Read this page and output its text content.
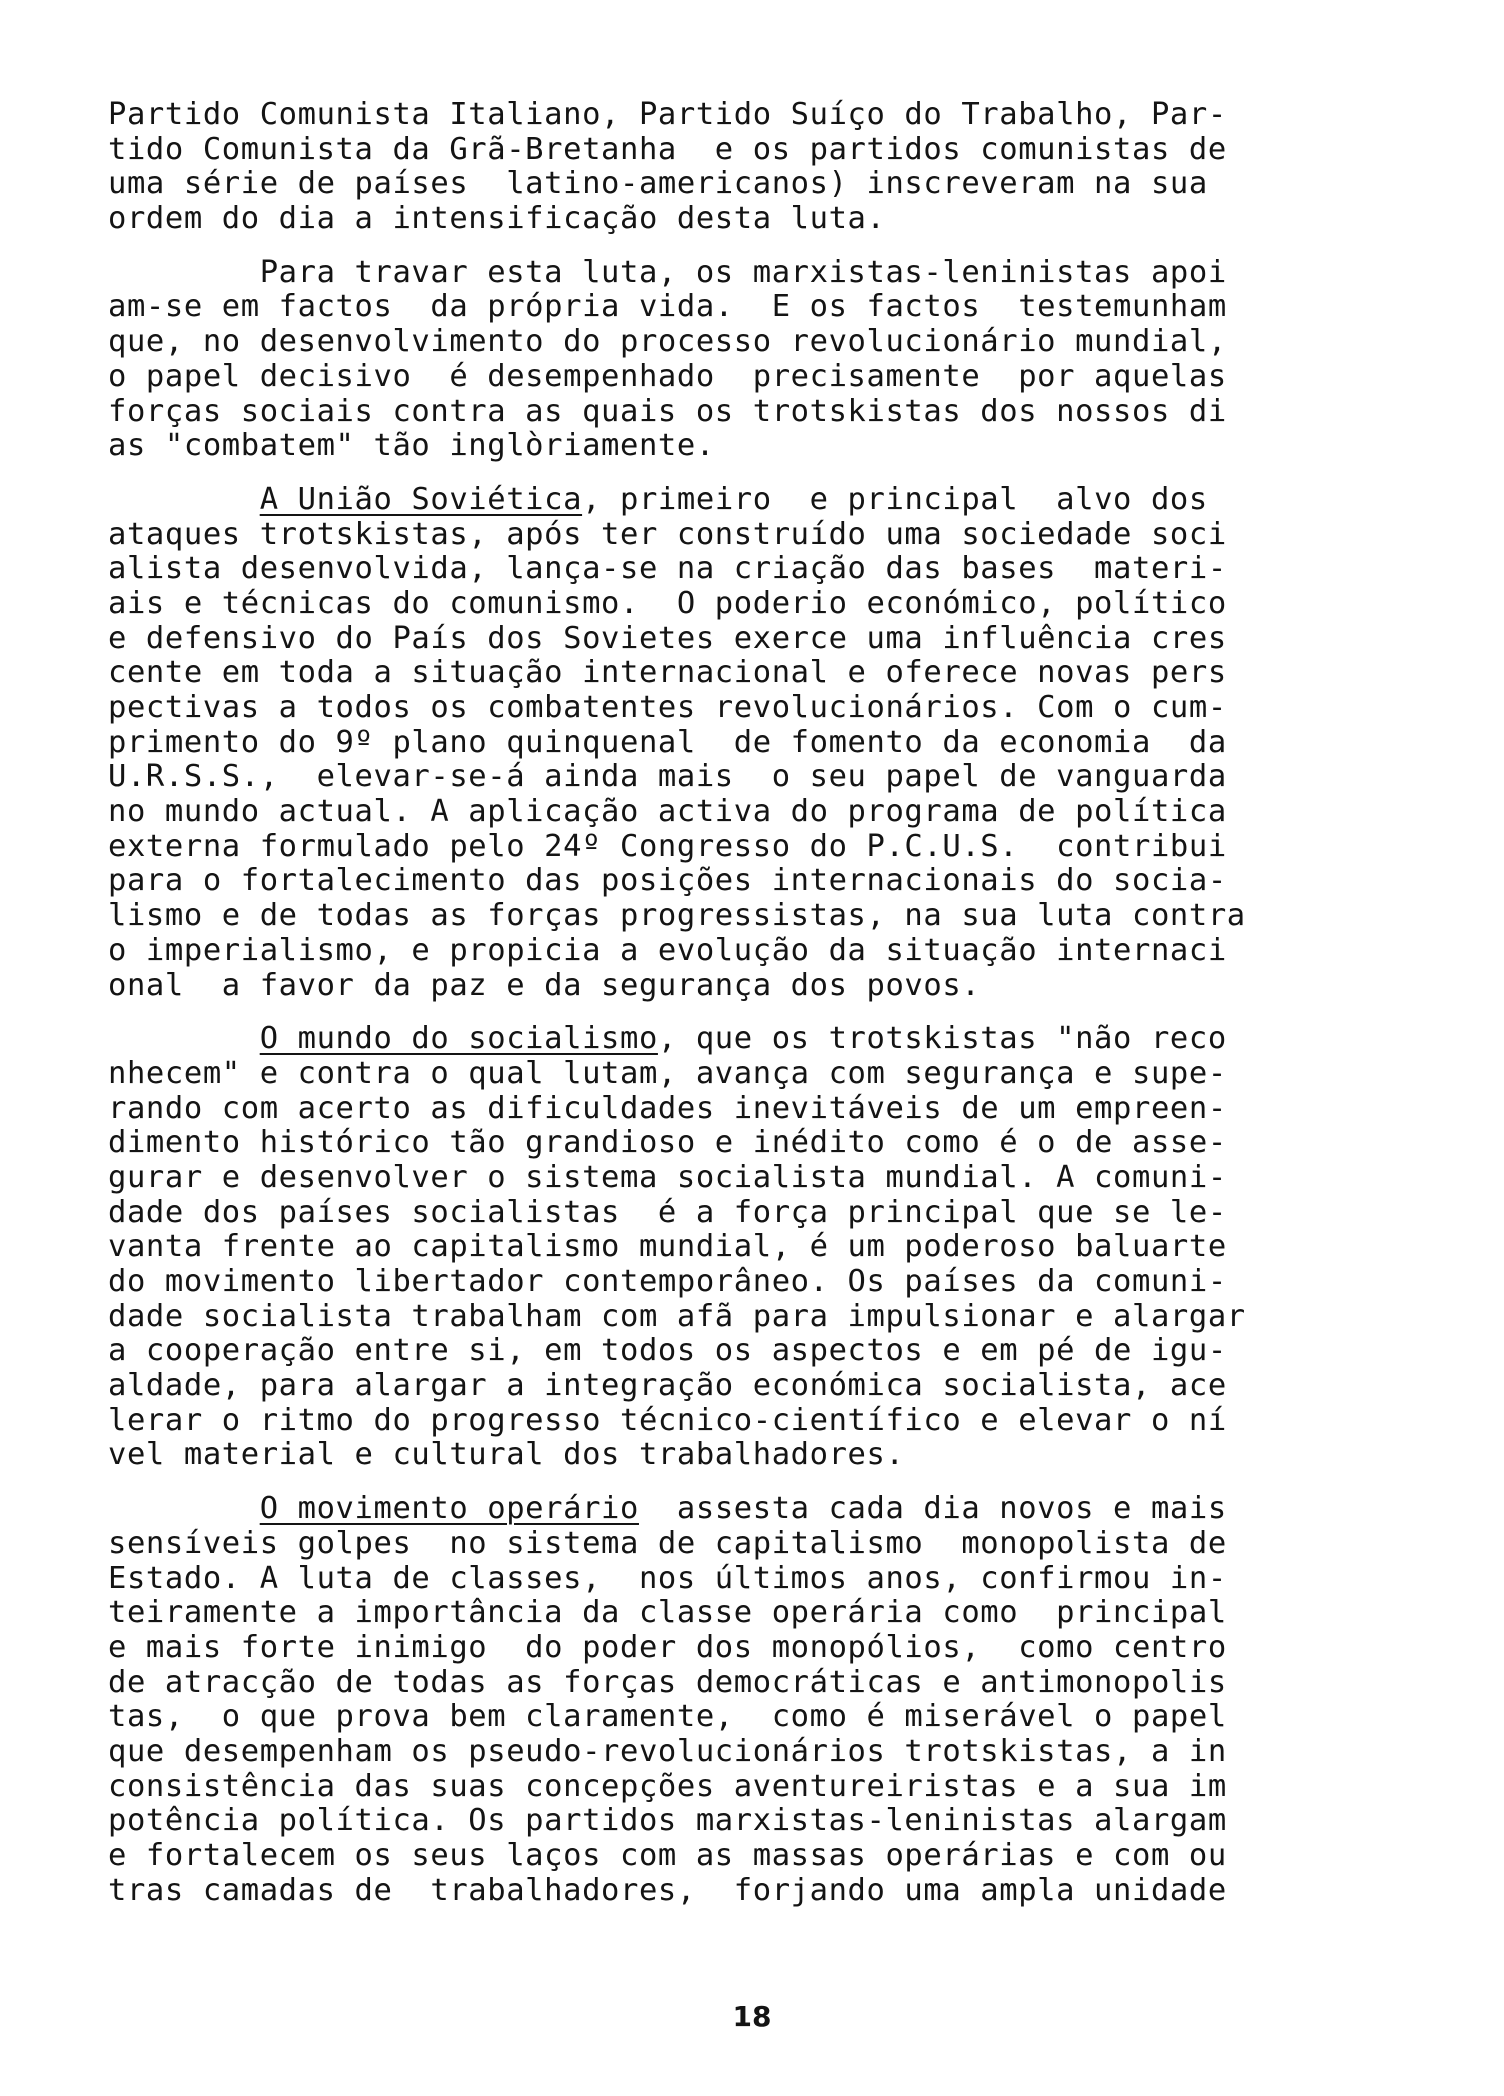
Partido Comunista Italiano, Partido Suíço do Trabalho, Par-
tido Comunista da Grã-Bretanha  e os partidos comunistas de
uma série de países  latino-americanos) inscreveram na sua
ordem do dia a intensificação desta luta.
Para travar esta luta, os marxistas-leninistas apoi
am-se em factos  da própria vida.  E os factos  testemunham
que, no desenvolvimento do processo revolucionário mundial,
o papel decisivo  é desempenhado  precisamente  por aquelas
forças sociais contra as quais os trotskistas dos nossos di
as "combatem" tão inglòriamente.
A União Soviética, primeiro  e principal  alvo dos
ataques trotskistas, após ter construído uma sociedade soci
alista desenvolvida, lança-se na criação das bases  materi-
ais e técnicas do comunismo.  O poderio económico, político
e defensivo do País dos Sovietes exerce uma influência cres
cente em toda a situação internacional e oferece novas pers
pectivas a todos os combatentes revolucionários. Com o cum-
primento do 9º plano quinquenal  de fomento da economia  da
U.R.S.S.,  elevar-se-á ainda mais  o seu papel de vanguarda
no mundo actual. A aplicação activa do programa de política
externa formulado pelo 24º Congresso do P.C.U.S.  contribui
para o fortalecimento das posições internacionais do socia-
lismo e de todas as forças progressistas, na sua luta contra
o imperialismo, e propicia a evolução da situação internaci
onal  a favor da paz e da segurança dos povos.
O mundo do socialismo, que os trotskistas "não reco
nhecem" e contra o qual lutam, avança com segurança e supe-
rando com acerto as dificuldades inevitáveis de um empreen-
dimento histórico tão grandioso e inédito como é o de asse-
gurar e desenvolver o sistema socialista mundial. A comuni-
dade dos países socialistas  é a força principal que se le-
vanta frente ao capitalismo mundial, é um poderoso baluarte
do movimento libertador contemporâneo. Os países da comuni-
dade socialista trabalham com afã para impulsionar e alargar
a cooperação entre si, em todos os aspectos e em pé de igu-
aldade, para alargar a integração económica socialista, ace
lerar o ritmo do progresso técnico-científico e elevar o ní
vel material e cultural dos trabalhadores.
O movimento operário  assesta cada dia novos e mais
sensíveis golpes  no sistema de capitalismo  monopolista de
Estado. A luta de classes,  nos últimos anos, confirmou in-
teiramente a importância da classe operária como  principal
e mais forte inimigo  do poder dos monopólios,  como centro
de atracção de todas as forças democráticas e antimonopolis
tas,  o que prova bem claramente,  como é miserável o papel
que desempenham os pseudo-revolucionários trotskistas, a in
consistência das suas concepções aventureiristas e a sua im
potência política. Os partidos marxistas-leninistas alargam
e fortalecem os seus laços com as massas operárias e com ou
tras camadas de  trabalhadores,  forjando uma ampla unidade
18
